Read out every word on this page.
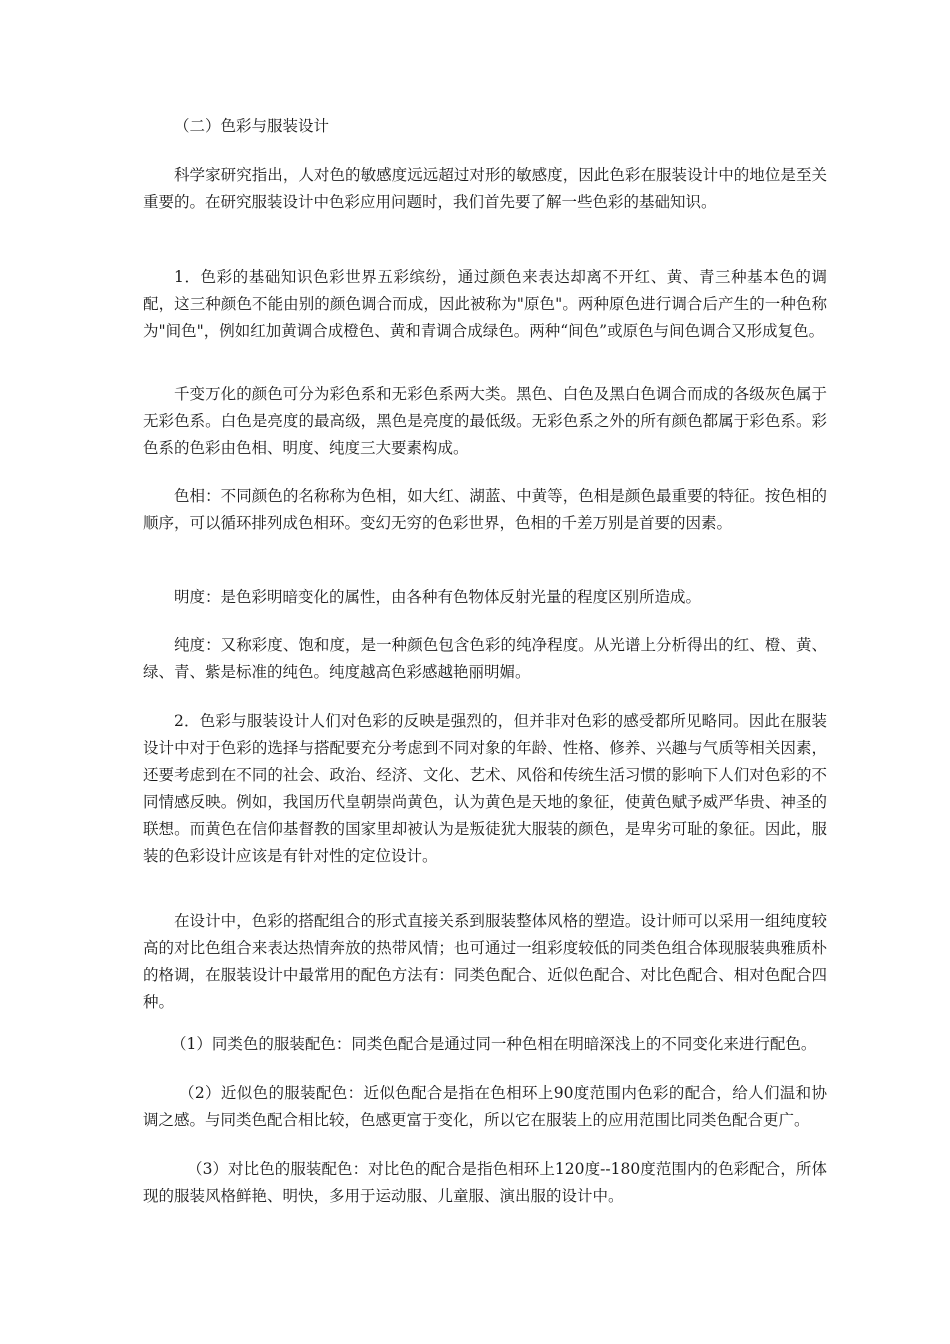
（二）色彩与服装设计
科学家研究指出，人对色的敏感度远远超过对形的敏感度，因此色彩在服装设计中的地位是至关重要的。在研究服装设计中色彩应用问题时，我们首先要了解一些色彩的基础知识。
1．色彩的基础知识色彩世界五彩缤纷，通过颜色来表达却离不开红、黄、青三种基本色的调配，这三种颜色不能由别的颜色调合而成，因此被称为"原色"。两种原色进行调合后产生的一种色称为"间色"，例如红加黄调合成橙色、黄和青调合成绿色。两种“间色”或原色与间色调合又形成复色。
千变万化的颜色可分为彩色系和无彩色系两大类。黑色、白色及黑白色调合而成的各级灰色属于无彩色系。白色是亮度的最高级，黑色是亮度的最低级。无彩色系之外的所有颜色都属于彩色系。彩色系的色彩由色相、明度、纯度三大要素构成。
色相：不同颜色的名称称为色相，如大红、湖蓝、中黄等，色相是颜色最重要的特征。按色相的顺序，可以循环排列成色相环。变幻无穷的色彩世界，色相的千差万别是首要的因素。
明度：是色彩明暗变化的属性，由各种有色物体反射光量的程度区别所造成。
纯度：又称彩度、饱和度，是一种颜色包含色彩的纯净程度。从光谱上分析得出的红、橙、黄、绿、青、紫是标准的纯色。纯度越高色彩感越艳丽明媚。
2．色彩与服装设计人们对色彩的反映是强烈的，但并非对色彩的感受都所见略同。因此在服装设计中对于色彩的选择与搭配要充分考虑到不同对象的年龄、性格、修养、兴趣与气质等相关因素，还要考虑到在不同的社会、政治、经济、文化、艺术、风俗和传统生活习惯的影响下人们对色彩的不同情感反映。例如，我国历代皇朝崇尚黄色，认为黄色是天地的象征，使黄色赋予威严华贵、神圣的联想。而黄色在信仰基督教的国家里却被认为是叛徒犹大服装的颜色，是卑劣可耻的象征。因此，服装的色彩设计应该是有针对性的定位设计。
在设计中，色彩的搭配组合的形式直接关系到服装整体风格的塑造。设计师可以采用一组纯度较高的对比色组合来表达热情奔放的热带风情；也可通过一组彩度较低的同类色组合体现服装典雅质朴的格调，在服装设计中最常用的配色方法有：同类色配合、近似色配合、对比色配合、相对色配合四种。
（1）同类色的服装配色：同类色配合是通过同一种色相在明暗深浅上的不同变化来进行配色。
（2）近似色的服装配色：近似色配合是指在色相环上90度范围内色彩的配合，给人们温和协调之感。与同类色配合相比较，色感更富于变化，所以它在服装上的应用范围比同类色配合更广。
（3）对比色的服装配色：对比色的配合是指色相环上120度--180度范围内的色彩配合，所体现的服装风格鲜艳、明快，多用于运动服、儿童服、演出服的设计中。
